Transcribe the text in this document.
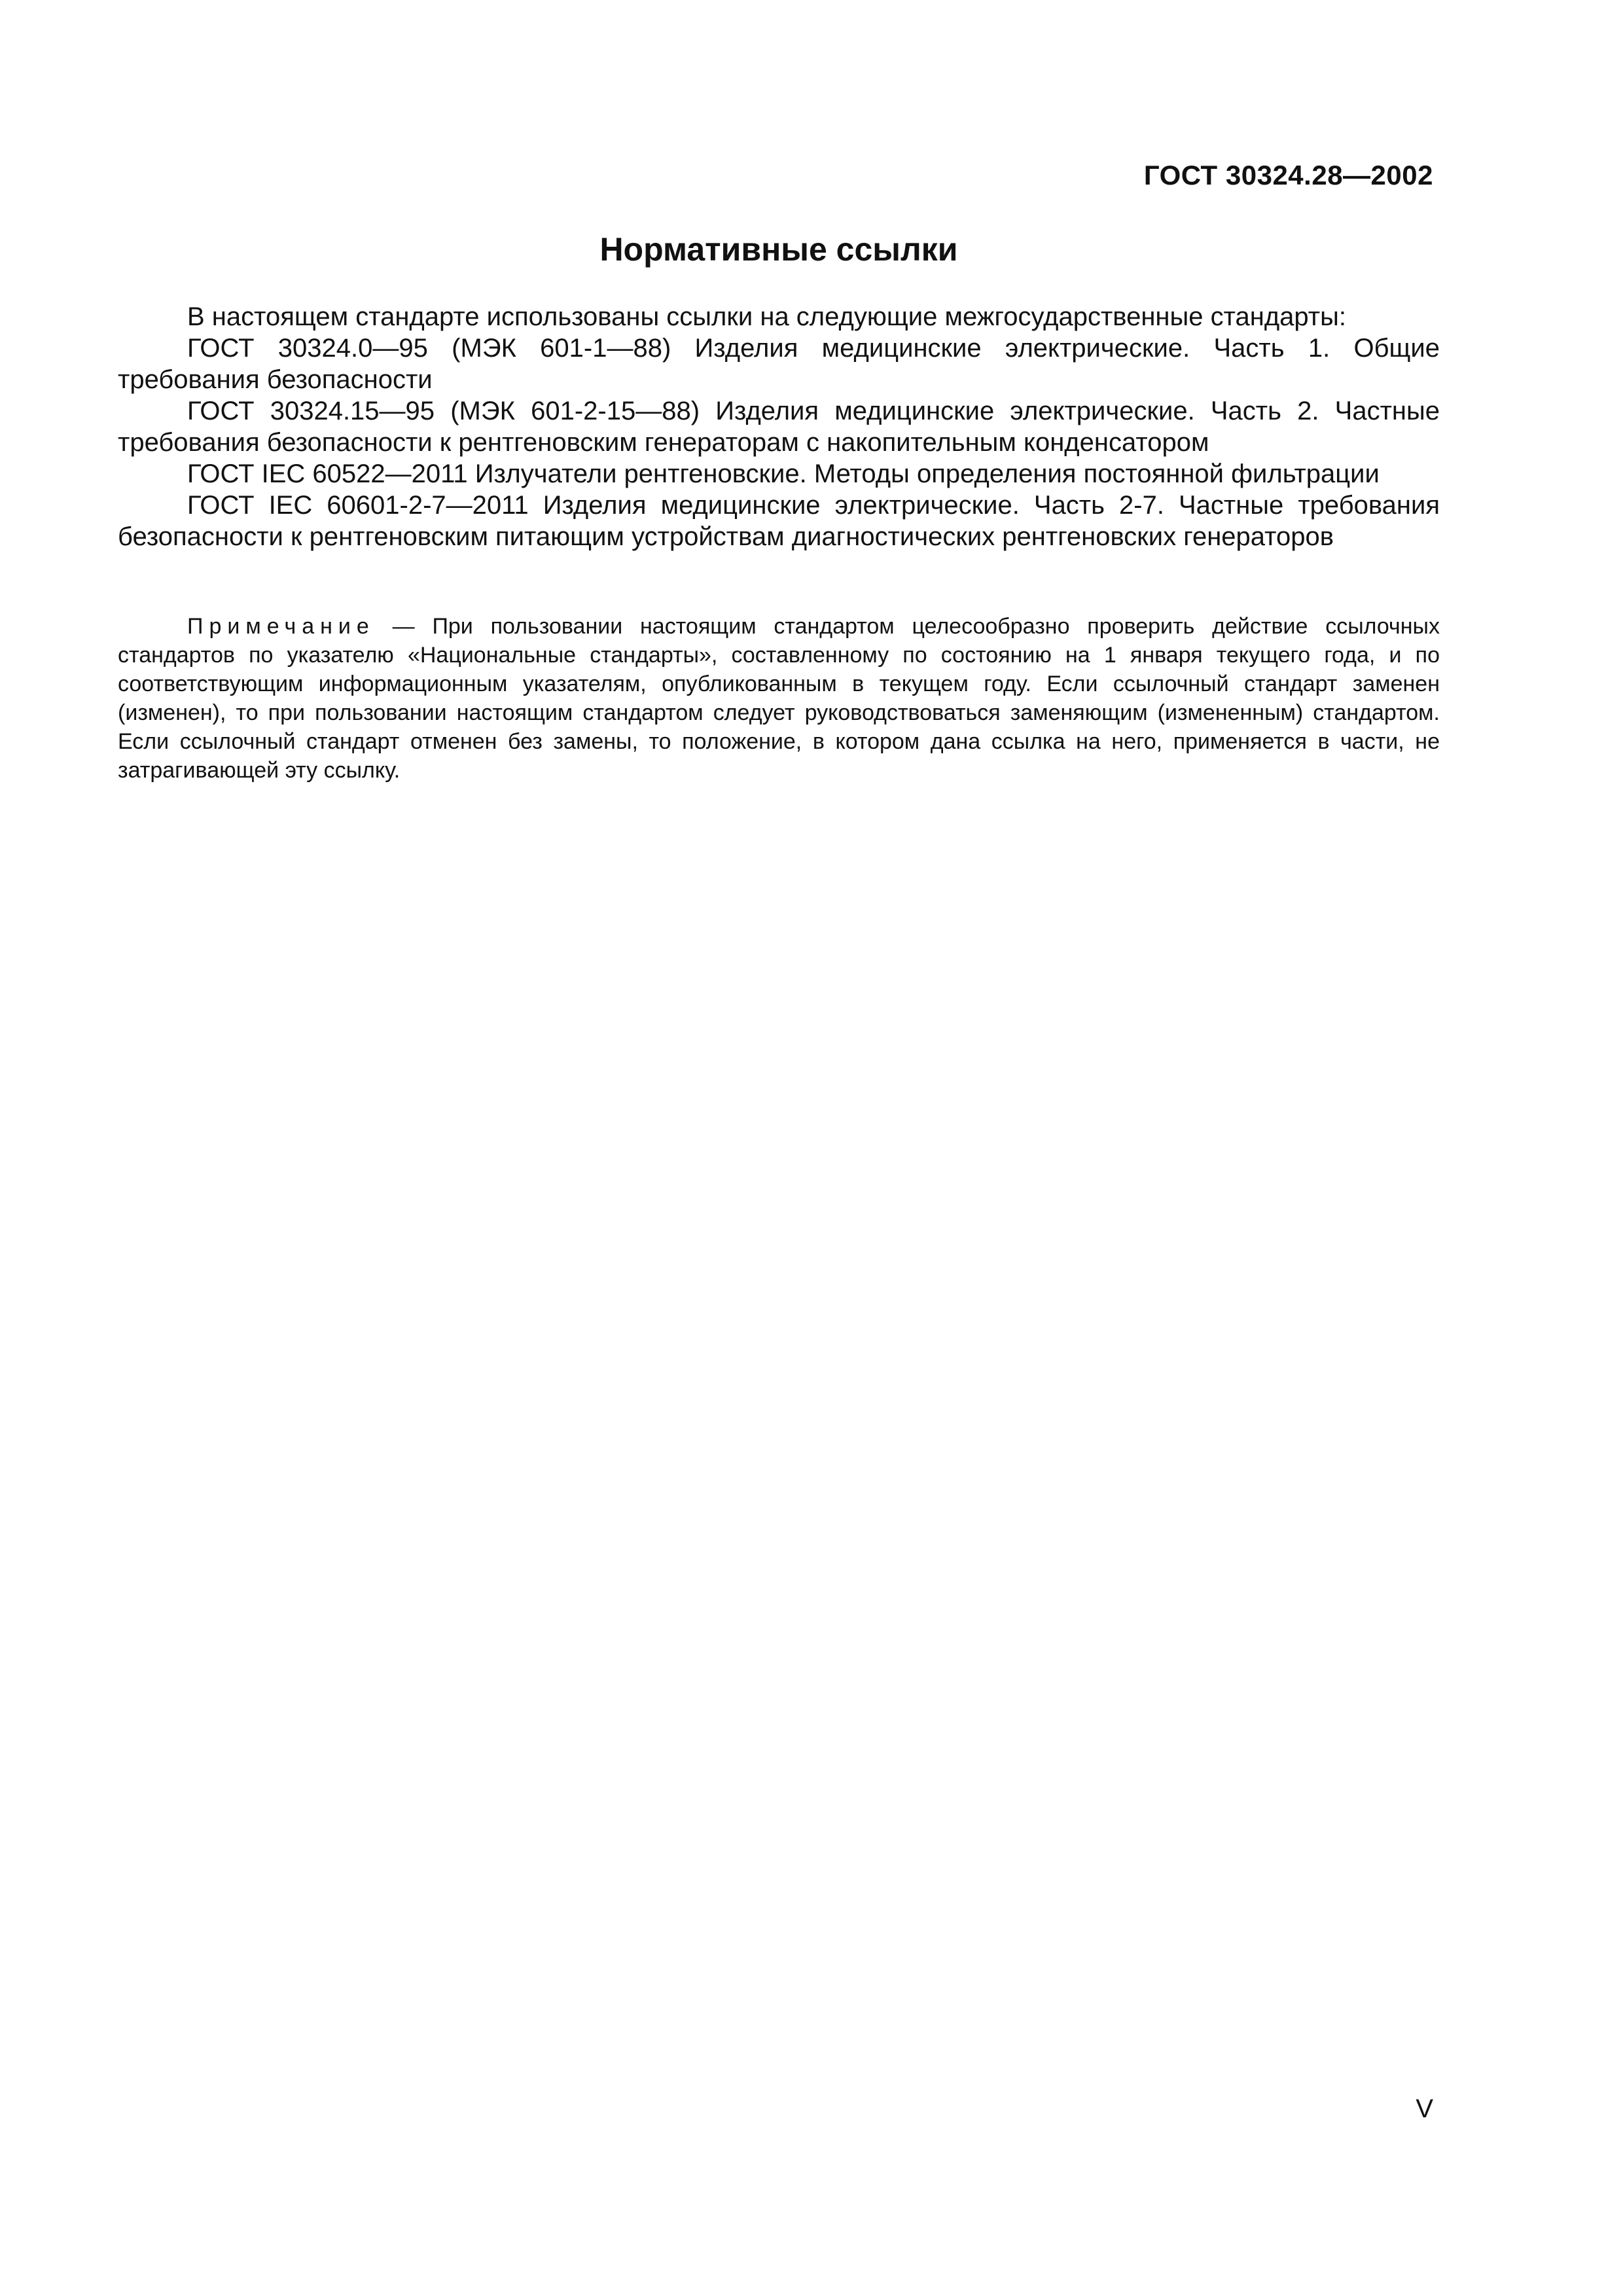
ГОСТ 30324.28—2002
Нормативные ссылки

В настоящем стандарте использованы ссылки на следующие межгосударственные стандарты:

ГОСТ 30324.0—95 (МЭК 601-1—88) Изделия медицинские электрические. Часть 1. Общие требования безопасности

ГОСТ 30324.15—95 (МЭК 601-2-15—88) Изделия медицинские электрические. Часть 2. Частные требования безопасности к рентгеновским генераторам с накопительным конденсатором

ГОСТ IEC 60522—2011 Излучатели рентгеновские. Методы определения постоянной фильтрации

ГОСТ IEC 60601-2-7—2011 Изделия медицинские электрические. Часть 2-7. Частные требования безопасности к рентгеновским питающим устройствам диагностических рентгеновских генераторов

Примечание — При пользовании настоящим стандартом целесообразно проверить действие ссылочных стандартов по указателю «Национальные стандарты», составленному по состоянию на 1 января текущего года, и по соответствующим информационным указателям, опубликованным в текущем году. Если ссылочный стандарт заменен (изменен), то при пользовании настоящим стандартом следует руководствоваться заменяющим (измененным) стандартом. Если ссылочный стандарт отменен без замены, то положение, в котором дана ссылка на него, применяется в части, не затрагивающей эту ссылку.

V
